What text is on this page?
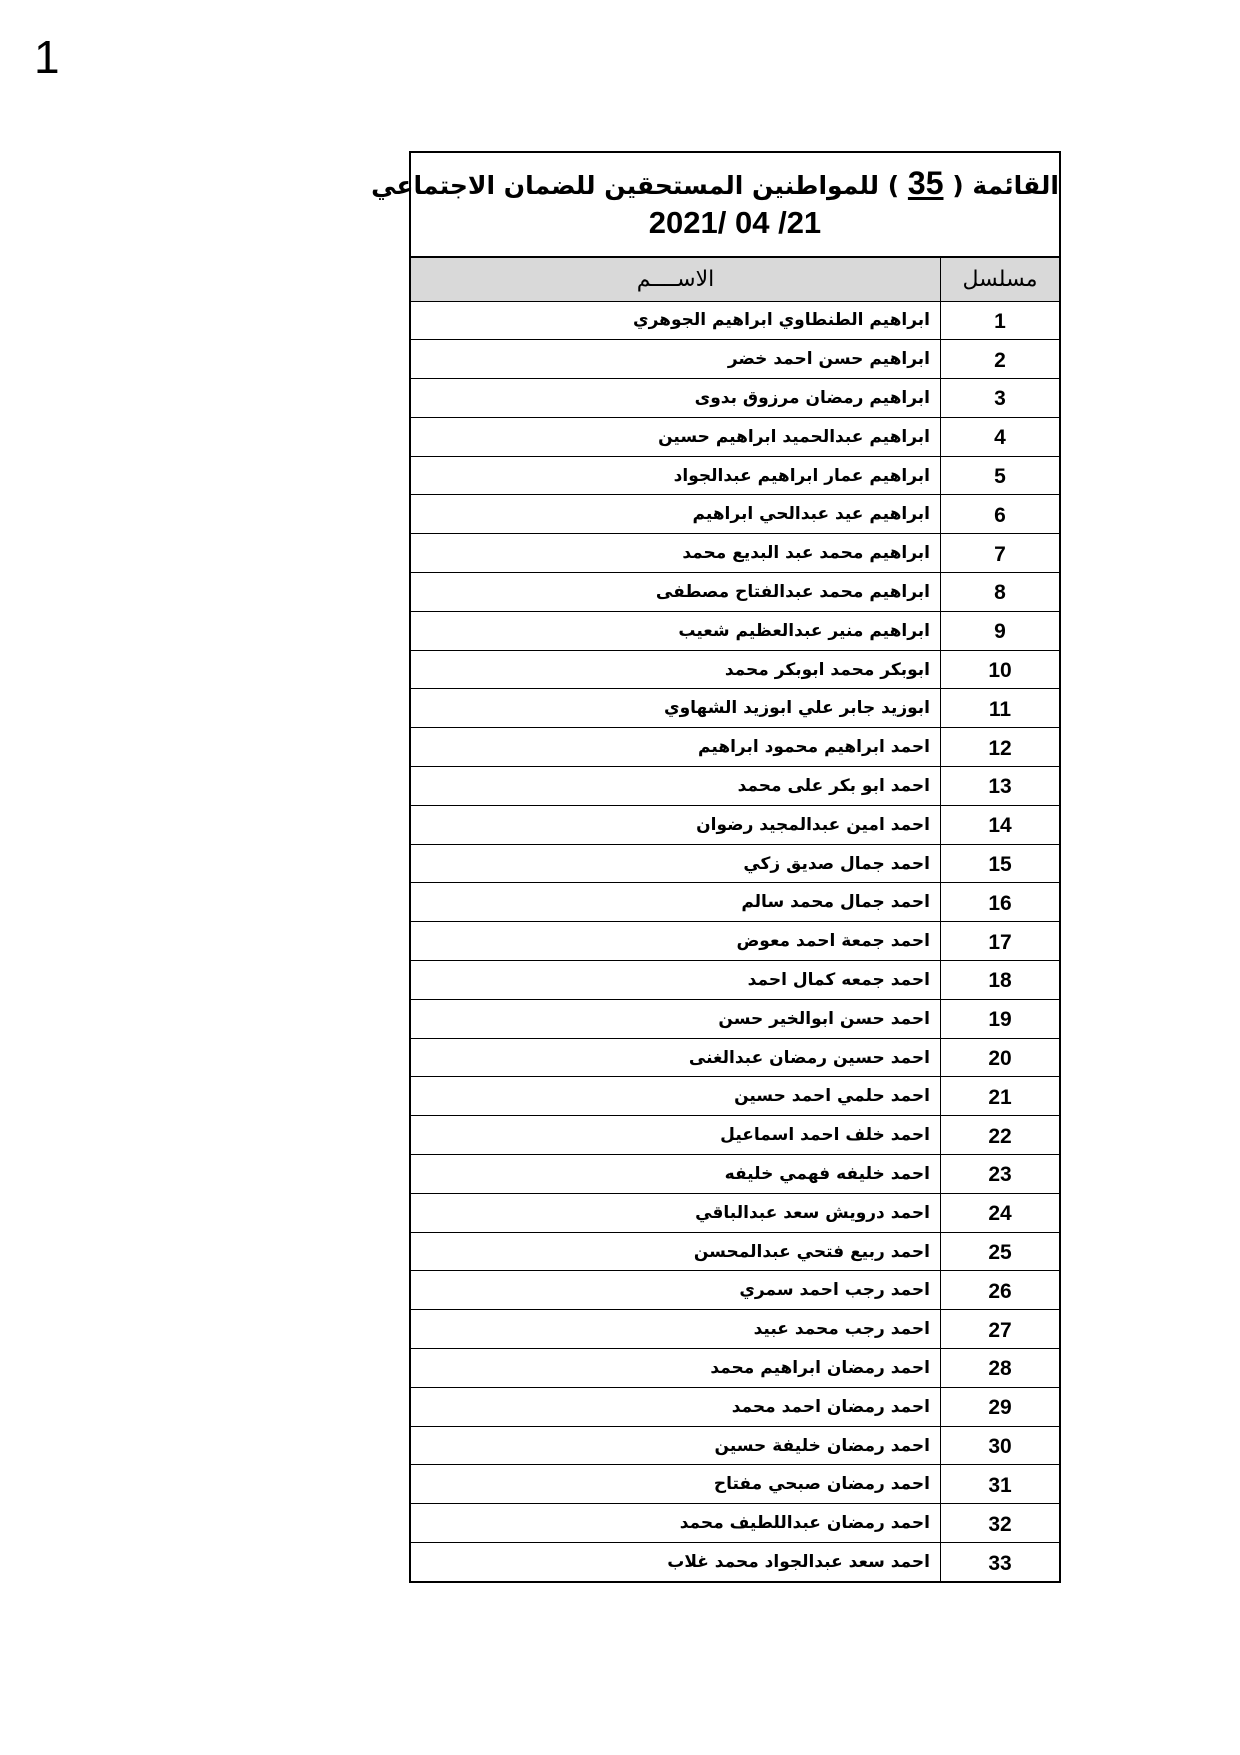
1
القائمة ( 35 ) للمواطنين المستحقين للضمان الاجتماعي
2021/ 04 /21
مسلسل	الاســــم
1	ابراهيم الطنطاوي ابراهيم الجوهري
2	ابراهيم حسن احمد خضر
3	ابراهيم رمضان مرزوق بدوى
4	ابراهيم عبدالحميد ابراهيم حسين
5	ابراهيم عمار ابراهيم عبدالجواد
6	ابراهيم عيد عبدالحي ابراهيم
7	ابراهيم محمد عبد البديع محمد
8	ابراهيم محمد عبدالفتاح مصطفى
9	ابراهيم منير عبدالعظيم شعيب
10	ابوبكر محمد ابوبكر محمد
11	ابوزيد جابر علي ابوزيد الشهاوي
12	احمد ابراهيم محمود ابراهيم
13	احمد ابو بكر على محمد
14	احمد امين عبدالمجيد رضوان
15	احمد جمال صديق زكي
16	احمد جمال محمد سالم
17	احمد جمعة احمد معوض
18	احمد جمعه كمال احمد
19	احمد حسن ابوالخير حسن
20	احمد حسين رمضان عبدالغنى
21	احمد حلمي احمد حسين
22	احمد خلف احمد اسماعيل
23	احمد خليفه فهمي خليفه
24	احمد درويش سعد عبدالباقي
25	احمد ربيع فتحي عبدالمحسن
26	احمد رجب احمد سمري
27	احمد رجب محمد عبيد
28	احمد رمضان ابراهيم محمد
29	احمد رمضان احمد محمد
30	احمد رمضان خليفة حسين
31	احمد رمضان صبحي مفتاح
32	احمد رمضان عبداللطيف محمد
33	احمد سعد عبدالجواد محمد غلاب
